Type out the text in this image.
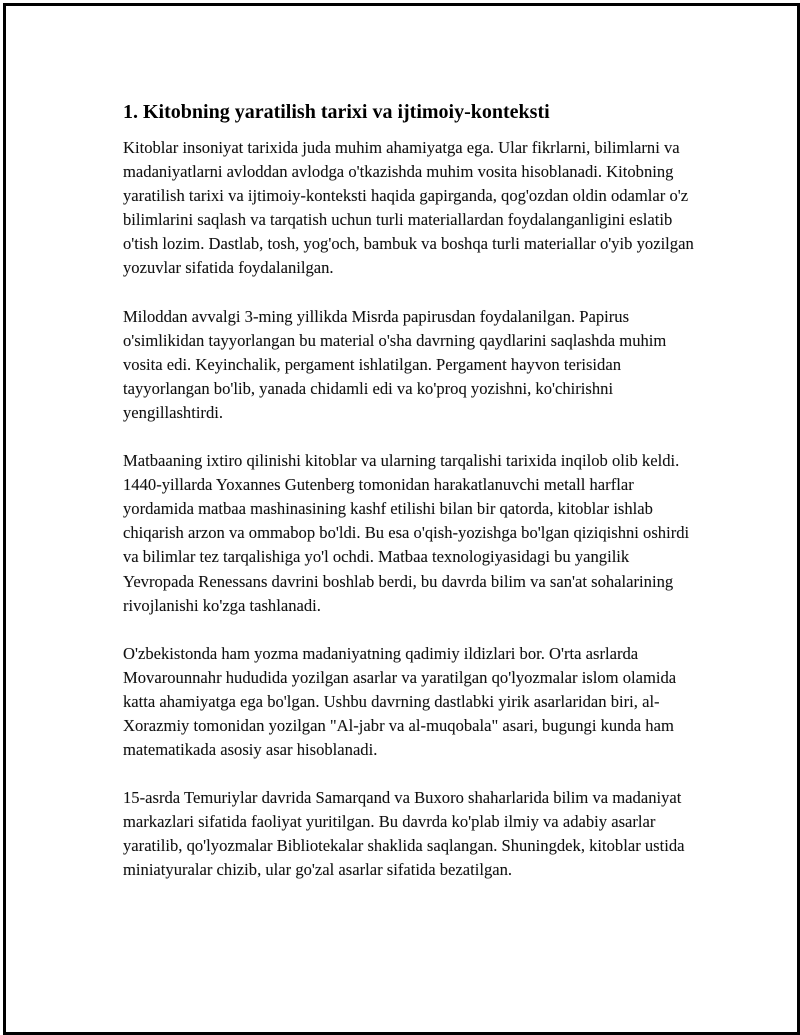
1. Kitobning yaratilish tarixi va ijtimoiy-konteksti

Kitoblar insoniyat tarixida juda muhim ahamiyatga ega. Ular fikrlarni, bilimlarni va madaniyatlarni avloddan avlodga o'tkazishda muhim vosita hisoblanadi. Kitobning yaratilish tarixi va ijtimoiy-konteksti haqida gapirganda, qog'ozdan oldin odamlar o'z bilimlarini saqlash va tarqatish uchun turli materiallardan foydalanganligini eslatib o'tish lozim. Dastlab, tosh, yog'och, bambuk va boshqa turli materiallar o'yib yozilgan yozuvlar sifatida foydalanilgan.

Miloddan avvalgi 3-ming yillikda Misrda papirusdan foydalanilgan. Papirus o'simlikidan tayyorlangan bu material o'sha davrning qaydlarini saqlashda muhim vosita edi. Keyinchalik, pergament ishlatilgan. Pergament hayvon terisidan tayyorlangan bo'lib, yanada chidamli edi va ko'proq yozishni, ko'chirishni yengillashtirdi.

Matbaaning ixtiro qilinishi kitoblar va ularning tarqalishi tarixida inqilob olib keldi. 1440-yillarda Yoxannes Gutenberg tomonidan harakatlanuvchi metall harflar yordamida matbaa mashinasining kashf etilishi bilan bir qatorda, kitoblar ishlab chiqarish arzon va ommabop bo'ldi. Bu esa o'qish-yozishga bo'lgan qiziqishni oshirdi va bilimlar tez tarqalishiga yo'l ochdi. Matbaa texnologiyasidagi bu yangilik Yevropada Renessans davrini boshlab berdi, bu davrda bilim va san'at sohalarining rivojlanishi ko'zga tashlanadi.

O'zbekistonda ham yozma madaniyatning qadimiy ildizlari bor. O'rta asrlarda Movarounnahr hududida yozilgan asarlar va yaratilgan qo'lyozmalar islom olamida katta ahamiyatga ega bo'lgan. Ushbu davrning dastlabki yirik asarlaridan biri, al-Xorazmiy tomonidan yozilgan "Al-jabr va al-muqobala" asari, bugungi kunda ham matematikada asosiy asar hisoblanadi.

15-asrda Temuriylar davrida Samarqand va Buxoro shaharlarida bilim va madaniyat markazlari sifatida faoliyat yuritilgan. Bu davrda ko'plab ilmiy va adabiy asarlar yaratilib, qo'lyozmalar Bibliotekalar shaklida saqlangan. Shuningdek, kitoblar ustida miniatyuralar chizib, ular go'zal asarlar sifatida bezatilgan.
